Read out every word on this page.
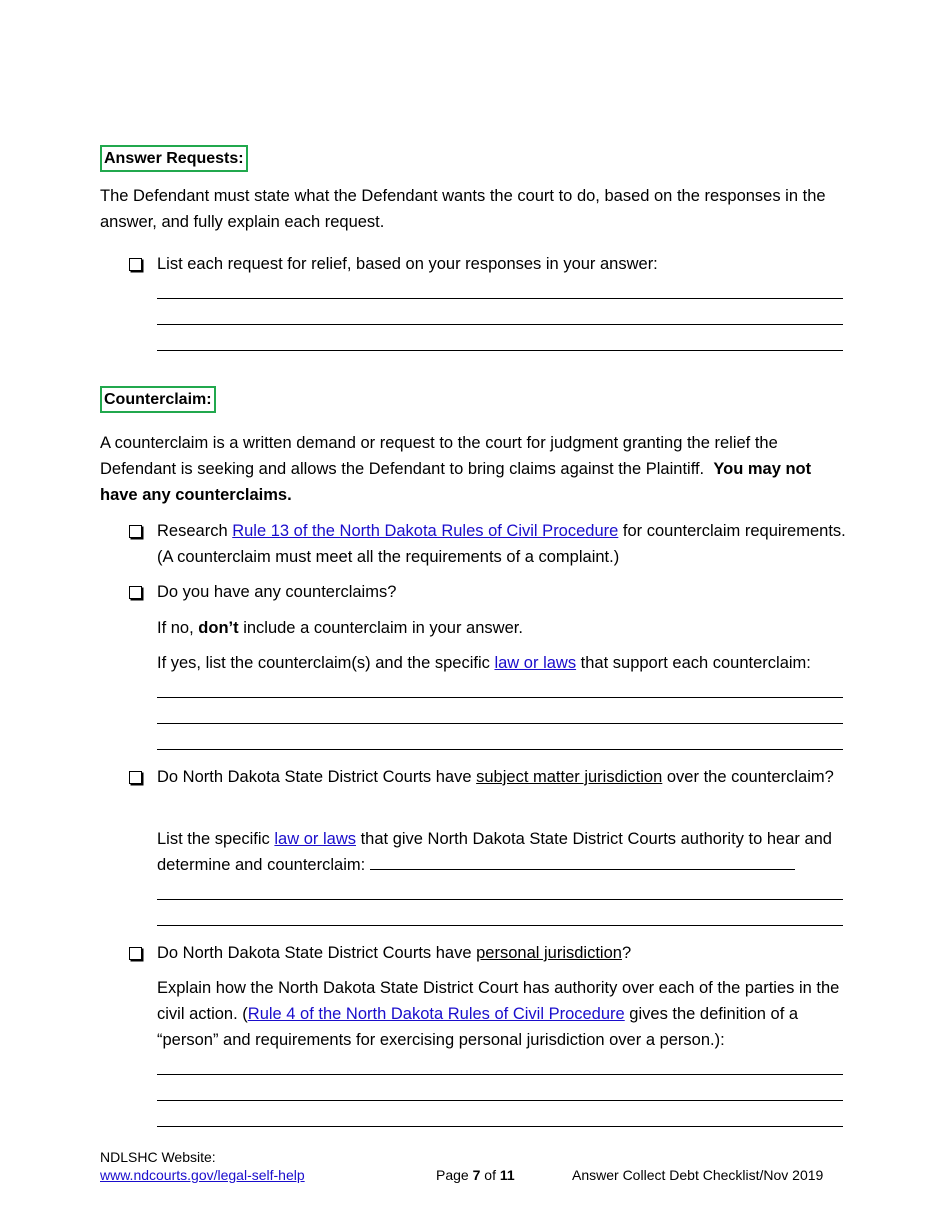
Answer Requests:
The Defendant must state what the Defendant wants the court to do, based on the responses in the answer, and fully explain each request.
List each request for relief, based on your responses in your answer:
Counterclaim:
A counterclaim is a written demand or request to the court for judgment granting the relief the Defendant is seeking and allows the Defendant to bring claims against the Plaintiff. You may not have any counterclaims.
Research Rule 13 of the North Dakota Rules of Civil Procedure for counterclaim requirements. (A counterclaim must meet all the requirements of a complaint.)
Do you have any counterclaims?
If no, don’t include a counterclaim in your answer.
If yes, list the counterclaim(s) and the specific law or laws that support each counterclaim:
Do North Dakota State District Courts have subject matter jurisdiction over the counterclaim?
List the specific law or laws that give North Dakota State District Courts authority to hear and determine and counterclaim:
Do North Dakota State District Courts have personal jurisdiction?
Explain how the North Dakota State District Court has authority over each of the parties in the civil action. (Rule 4 of the North Dakota Rules of Civil Procedure gives the definition of a “person” and requirements for exercising personal jurisdiction over a person.):
NDLSHC Website:
www.ndcourts.gov/legal-self-help	Page 7 of 11	Answer Collect Debt Checklist/Nov 2019
